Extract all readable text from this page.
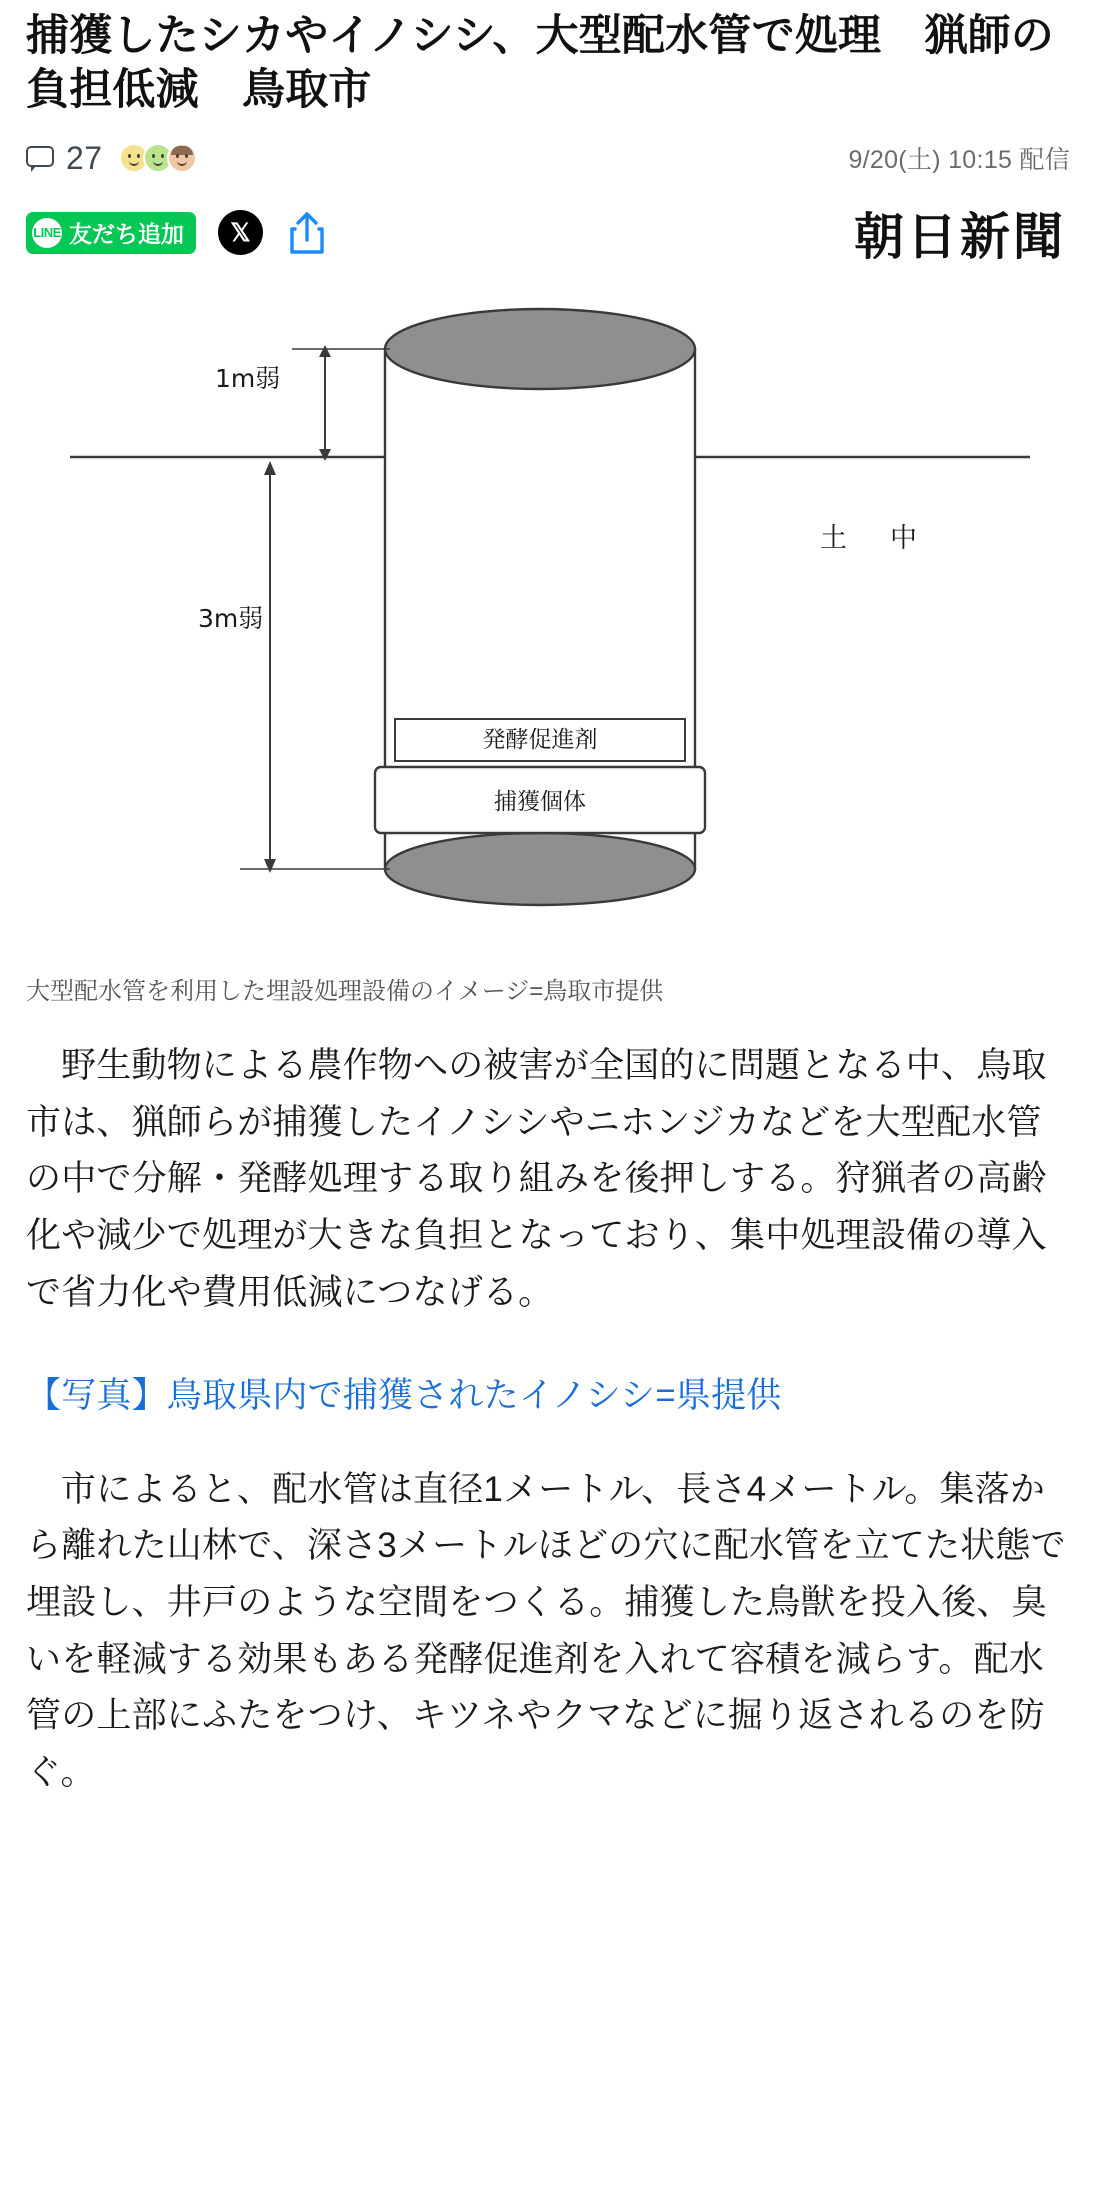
捕獲したシカやイノシシ、大型配水管で処理　猟師の負担低減　鳥取市
27	9/20(土) 10:15 配信
LINE 友だち追加 𝕏	朝日新聞
発酵促進剤
捕獲個体
1m弱
3m弱
土　中
大型配水管を利用した埋設処理設備のイメージ=鳥取市提供

野生動物による農作物への被害が全国的に問題となる中、鳥取市は、猟師らが捕獲したイノシシやニホンジカなどを大型配水管の中で分解・発酵処理する取り組みを後押しする。狩猟者の高齢化や減少で処理が大きな負担となっており、集中処理設備の導入で省力化や費用低減につなげる。

【写真】鳥取県内で捕獲されたイノシシ=県提供

市によると、配水管は直径1メートル、長さ4メートル。集落から離れた山林で、深さ3メートルほどの穴に配水管を立てた状態で埋設し、井戸のような空間をつくる。捕獲した鳥獣を投入後、臭いを軽減する効果もある発酵促進剤を入れて容積を減らす。配水管の上部にふたをつけ、キツネやクマなどに掘り返されるのを防ぐ。
